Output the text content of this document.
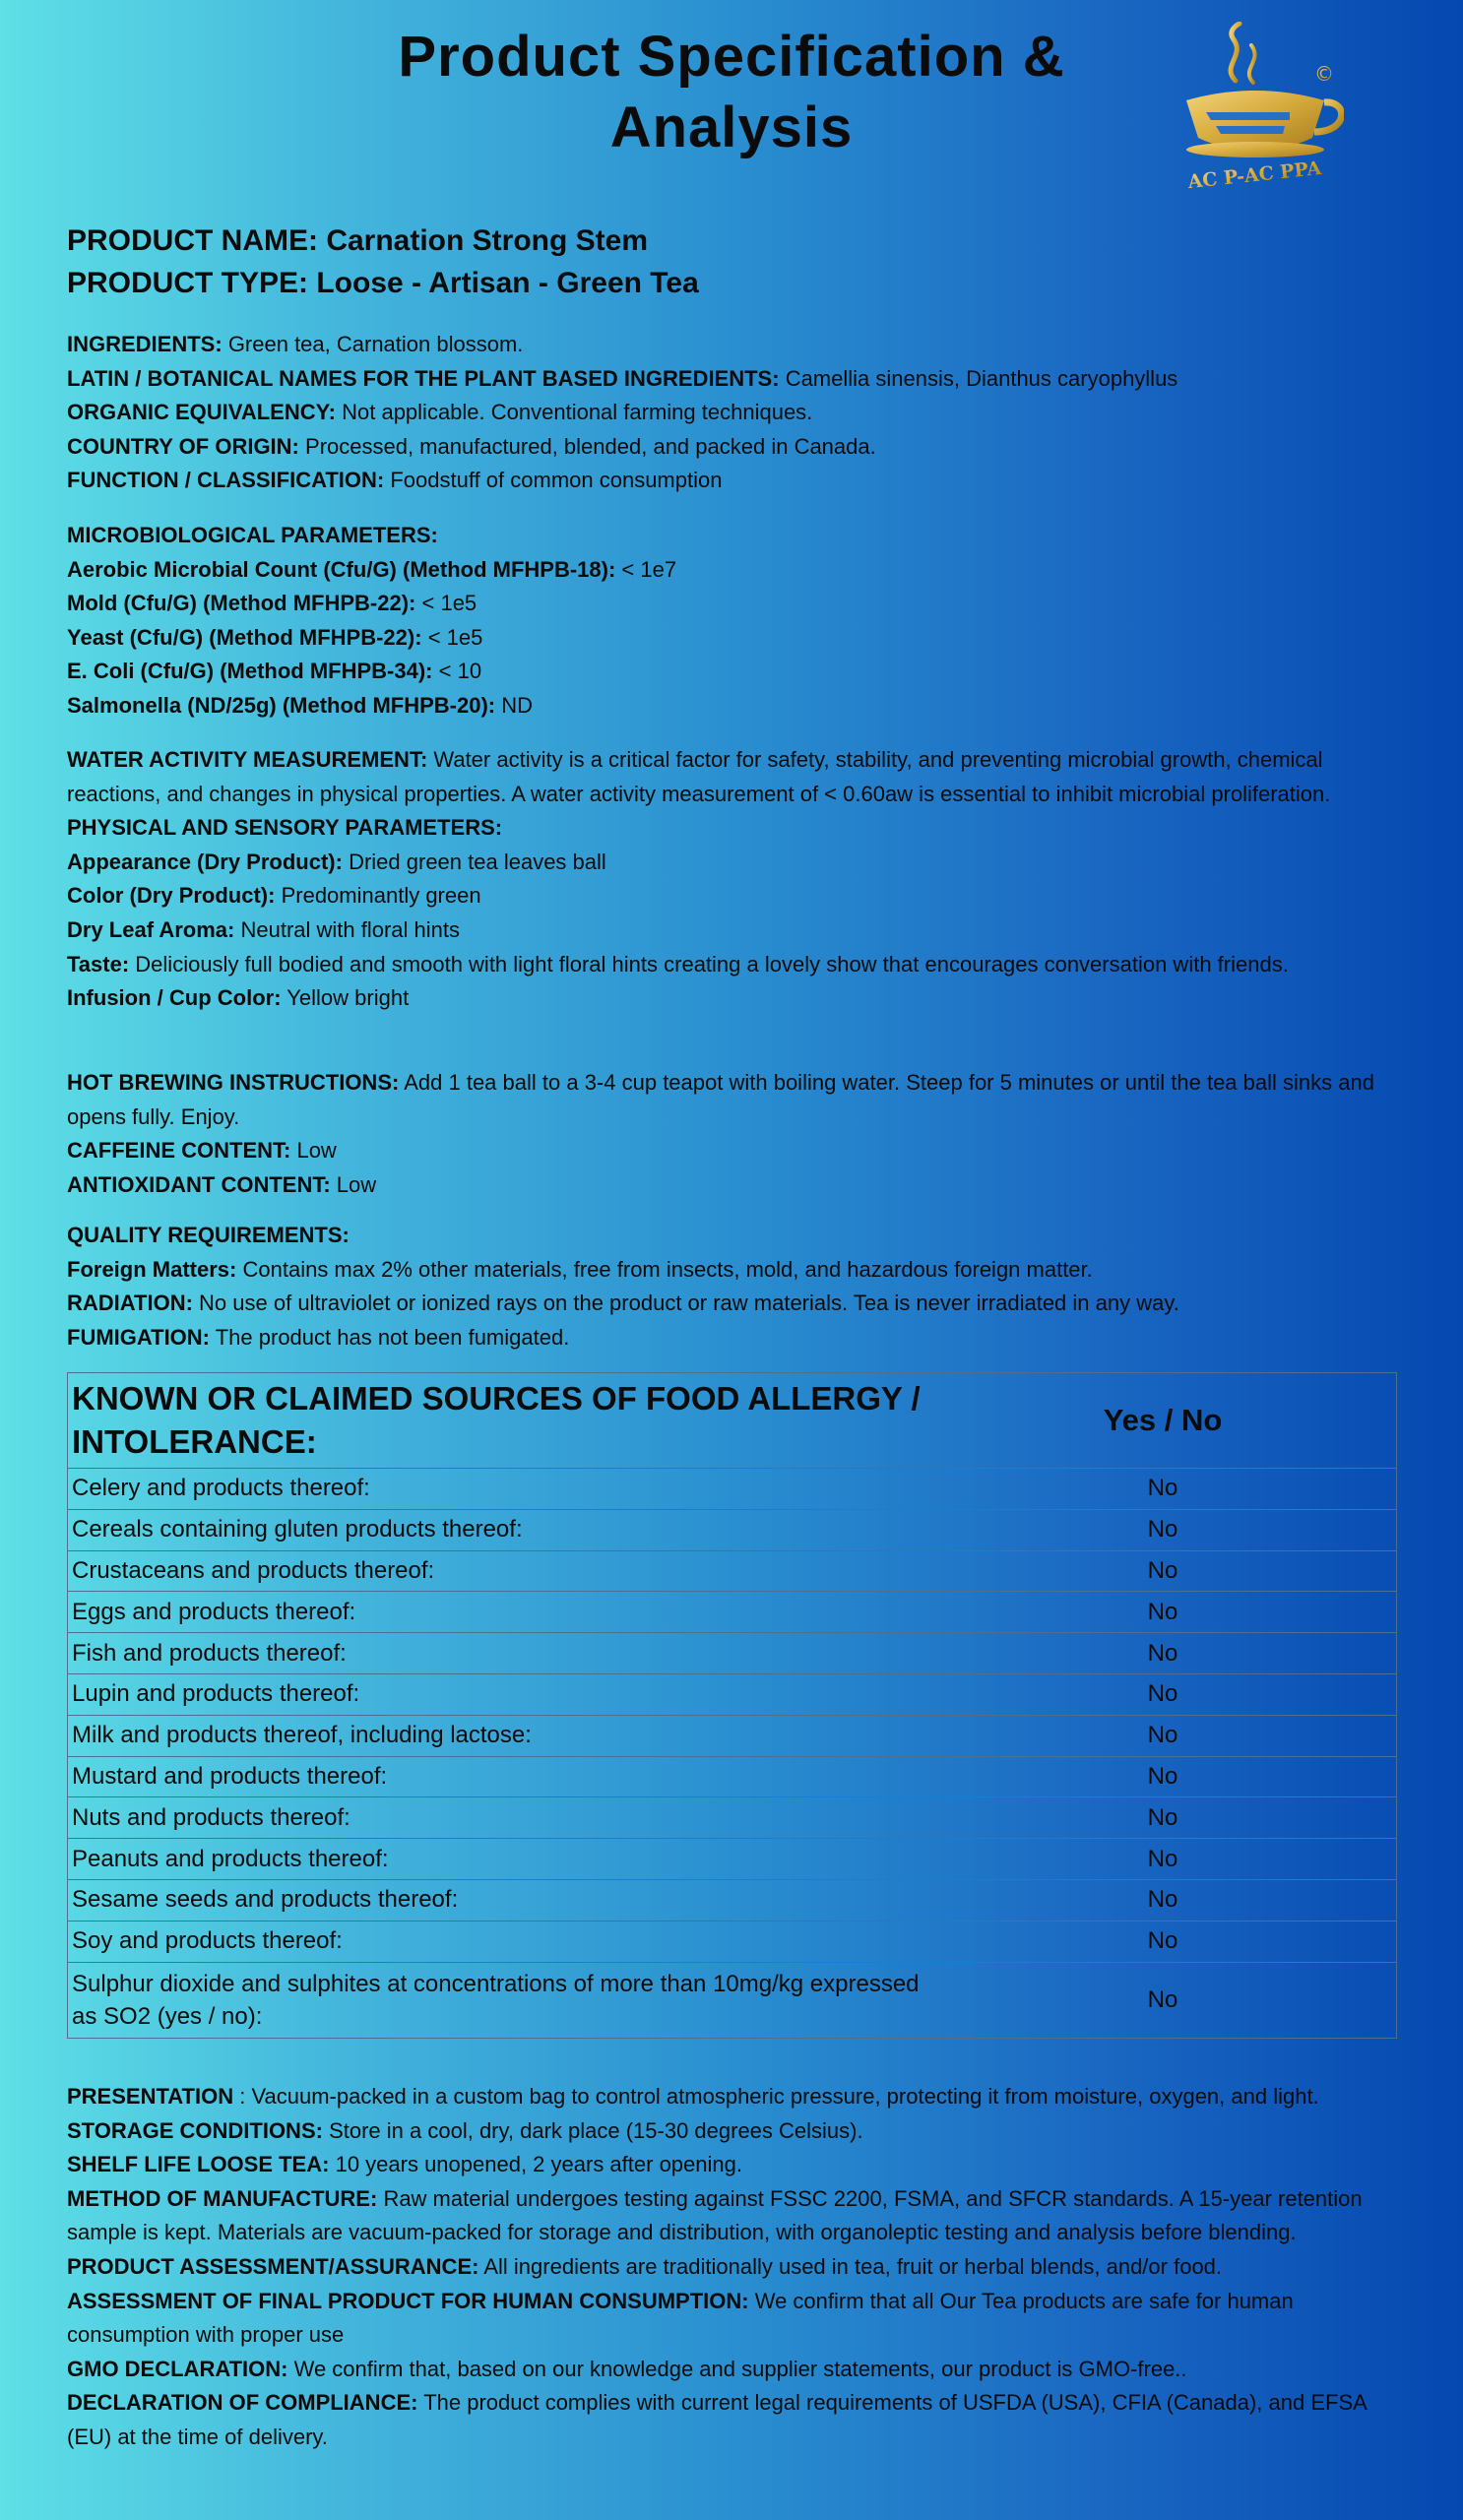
Product Specification &
Analysis
AC P-AC PPA
©
PRODUCT NAME: Carnation Strong Stem
PRODUCT TYPE: Loose - Artisan - Green Tea

INGREDIENTS: Green tea, Carnation blossom.

LATIN / BOTANICAL NAMES FOR THE PLANT BASED INGREDIENTS: Camellia sinensis, Dianthus caryophyllus

ORGANIC EQUIVALENCY: Not applicable. Conventional farming techniques.

COUNTRY OF ORIGIN: Processed, manufactured, blended, and packed in Canada.

FUNCTION / CLASSIFICATION: Foodstuff of common consumption

MICROBIOLOGICAL PARAMETERS:

Aerobic Microbial Count (Cfu/G) (Method MFHPB-18): < 1e7

Mold (Cfu/G) (Method MFHPB-22): < 1e5

Yeast (Cfu/G) (Method MFHPB-22): < 1e5

E. Coli (Cfu/G) (Method MFHPB-34): < 10

Salmonella (ND/25g) (Method MFHPB-20): ND

WATER ACTIVITY MEASUREMENT: Water activity is a critical factor for safety, stability, and preventing microbial growth, chemical reactions, and changes in physical properties. A water activity measurement of < 0.60aw is essential to inhibit microbial proliferation.

PHYSICAL AND SENSORY PARAMETERS:

Appearance (Dry Product): Dried green tea leaves ball

Color (Dry Product): Predominantly green

Dry Leaf Aroma: Neutral with floral hints

Taste: Deliciously full bodied and smooth with light floral hints creating a lovely show that encourages conversation with friends.

Infusion / Cup Color: Yellow bright

HOT BREWING INSTRUCTIONS: Add 1 tea ball to a 3-4 cup teapot with boiling water. Steep for 5 minutes or until the tea ball sinks and opens fully. Enjoy.

CAFFEINE CONTENT: Low

ANTIOXIDANT CONTENT: Low

QUALITY REQUIREMENTS:

Foreign Matters: Contains max 2% other materials, free from insects, mold, and hazardous foreign matter.

RADIATION: No use of ultraviolet or ionized rays on the product or raw materials. Tea is never irradiated in any way.

FUMIGATION: The product has not been fumigated.

KNOWN OR CLAIMED SOURCES OF FOOD ALLERGY / INTOLERANCE:	Yes / No
Celery and products thereof:	No
Cereals containing gluten products thereof:	No
Crustaceans and products thereof:	No
Eggs and products thereof:	No
Fish and products thereof:	No
Lupin and products thereof:	No
Milk and products thereof, including lactose:	No
Mustard and products thereof:	No
Nuts and products thereof:	No
Peanuts and products thereof:	No
Sesame seeds and products thereof:	No
Soy and products thereof:	No
Sulphur dioxide and sulphites at concentrations of more than 10mg/kg expressed as SO2 (yes / no):	No

PRESENTATION : Vacuum-packed in a custom bag to control atmospheric pressure, protecting it from moisture, oxygen, and light.

STORAGE CONDITIONS: Store in a cool, dry, dark place (15-30 degrees Celsius).

SHELF LIFE LOOSE TEA: 10 years unopened, 2 years after opening.

METHOD OF MANUFACTURE: Raw material undergoes testing against FSSC 2200, FSMA, and SFCR standards. A 15-year retention sample is kept. Materials are vacuum-packed for storage and distribution, with organoleptic testing and analysis before blending.

PRODUCT ASSESSMENT/ASSURANCE: All ingredients are traditionally used in tea, fruit or herbal blends, and/or food.

ASSESSMENT OF FINAL PRODUCT FOR HUMAN CONSUMPTION: We confirm that all Our Tea products are safe for human consumption with proper use

GMO DECLARATION: We confirm that, based on our knowledge and supplier statements, our product is GMO-free..

DECLARATION OF COMPLIANCE: The product complies with current legal requirements of USFDA (USA), CFIA (Canada), and EFSA (EU) at the time of delivery.
